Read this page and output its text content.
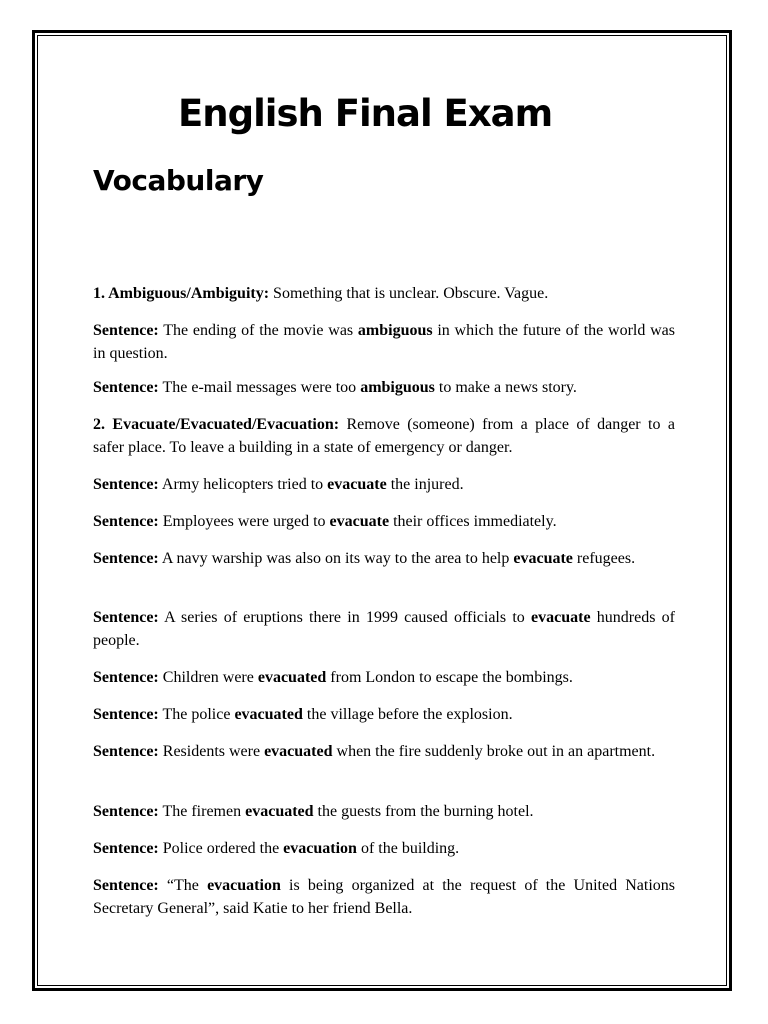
English Final Exam
Vocabulary

1. Ambiguous/Ambiguity: Something that is unclear. Obscure. Vague.

Sentence: The ending of the movie was ambiguous in which the future of the world was in question.

Sentence: The e-mail messages were too ambiguous to make a news story.

2. Evacuate/Evacuated/Evacuation: Remove (someone) from a place of danger to a safer place. To leave a building in a state of emergency or danger.

Sentence: Army helicopters tried to evacuate the injured.

Sentence: Employees were urged to evacuate their offices immediately.

Sentence: A navy warship was also on its way to the area to help evacuate refugees.

Sentence: A series of eruptions there in 1999 caused officials to evacuate hundreds of people.

Sentence: Children were evacuated from London to escape the bombings.

Sentence: The police evacuated the village before the explosion.

Sentence: Residents were evacuated when the fire suddenly broke out in an apartment.

Sentence: The firemen evacuated the guests from the burning hotel.

Sentence: Police ordered the evacuation of the building.

Sentence: “The evacuation is being organized at the request of the United Nations Secretary General”, said Katie to her friend Bella.
